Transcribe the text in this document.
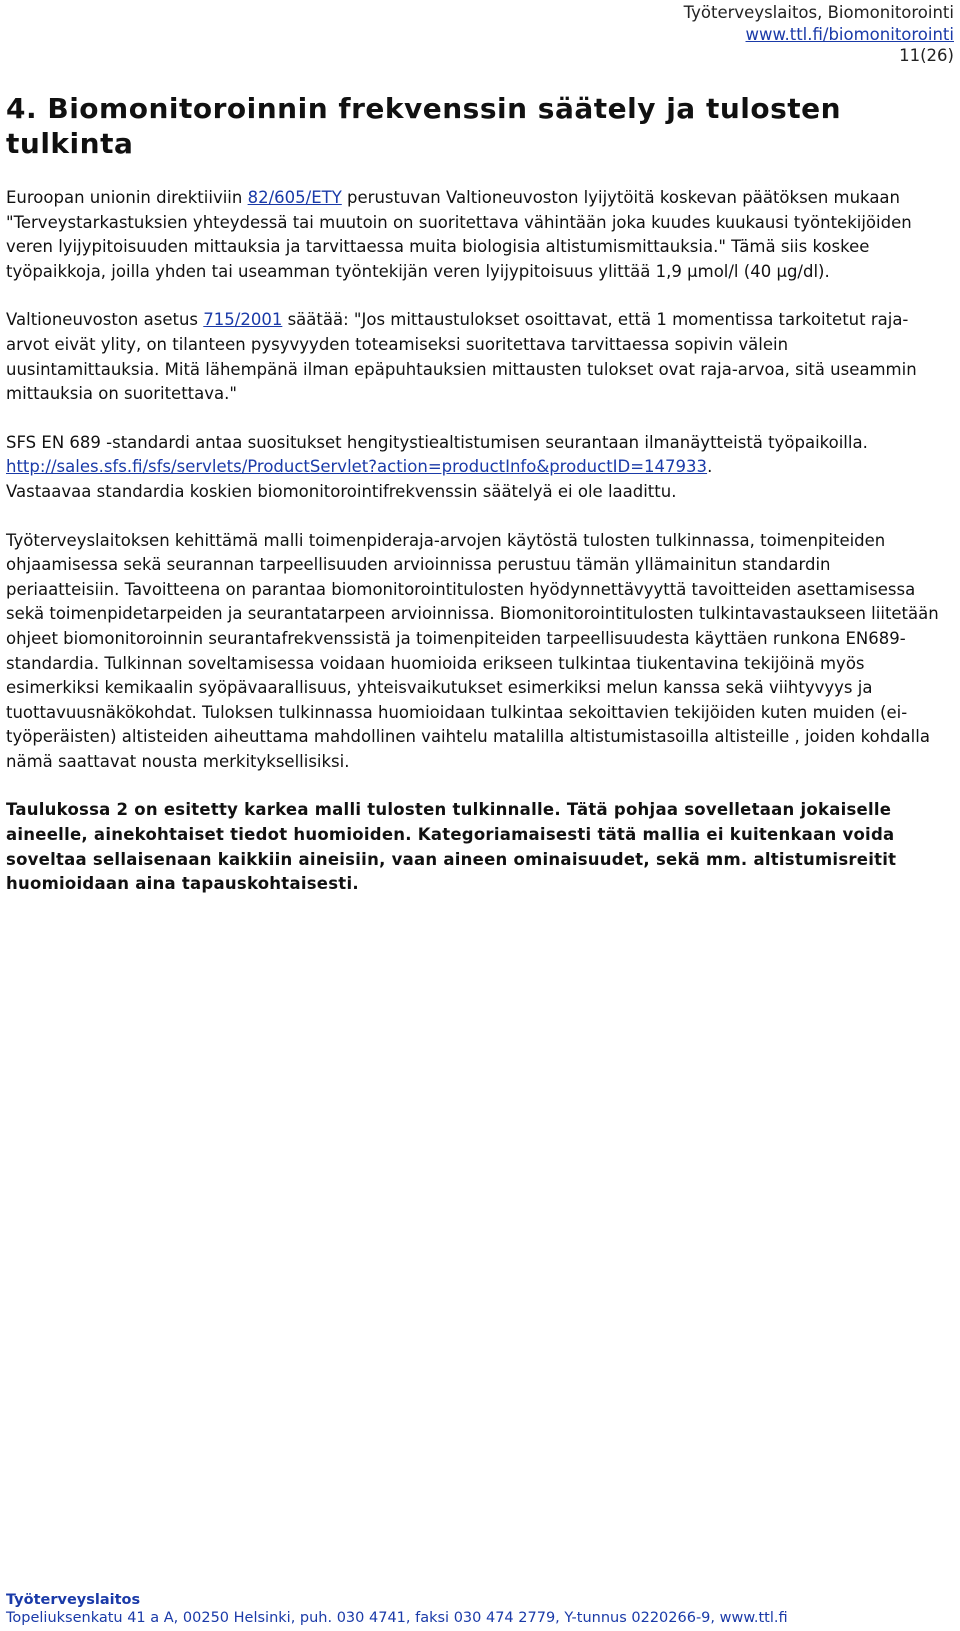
Työterveyslaitos, Biomonitorointi
www.ttl.fi/biomonitorointi
11(26)
4. Biomonitoroinnin frekvenssin säätely ja tulosten tulkinta

Euroopan unionin direktiiviin 82/605/ETY perustuvan Valtioneuvoston lyijytöitä koskevan päätöksen mukaan "Terveystarkastuksien yhteydessä tai muutoin on suoritettava vähintään joka kuudes kuukausi työntekijöiden veren lyijypitoisuuden mittauksia ja tarvittaessa muita biologisia altistumismittauksia." Tämä siis koskee työpaikkoja, joilla yhden tai useamman työntekijän veren lyijypitoisuus ylittää 1,9 µmol/l (40 µg/dl).

Valtioneuvoston asetus 715/2001 säätää: "Jos mittaustulokset osoittavat, että 1 momentissa tarkoitetut raja-arvot eivät ylity, on tilanteen pysyvyyden toteamiseksi suoritettava tarvittaessa sopivin välein uusintamittauksia. Mitä lähempänä ilman epäpuhtauksien mittausten tulokset ovat raja-arvoa, sitä useammin mittauksia on suoritettava."

SFS EN 689 -standardi antaa suositukset hengitystiealtistumisen seurantaan ilmanäytteistä työpaikoilla.
http://sales.sfs.fi/sfs/servlets/ProductServlet?action=productInfo&productID=147933.
Vastaavaa standardia koskien biomonitorointifrekvenssin säätelyä ei ole laadittu.

Työterveyslaitoksen kehittämä malli toimenpideraja-arvojen käytöstä tulosten tulkinnassa, toimenpiteiden ohjaamisessa sekä seurannan tarpeellisuuden arvioinnissa perustuu tämän yllämainitun standardin periaatteisiin. Tavoitteena on parantaa biomonitorointitulosten hyödynnettävyyttä tavoitteiden asettamisessa sekä toimenpidetarpeiden ja seurantatarpeen arvioinnissa. Biomonitorointitulosten tulkintavastaukseen liitetään ohjeet biomonitoroinnin seurantafrekvenssistä ja toimenpiteiden tarpeellisuudesta käyttäen runkona EN689-standardia. Tulkinnan soveltamisessa voidaan huomioida erikseen tulkintaa tiukentavina tekijöinä myös esimerkiksi kemikaalin syöpävaarallisuus, yhteisvaikutukset esimerkiksi melun kanssa sekä viihtyvyys ja tuottavuusnäkökohdat. Tuloksen tulkinnassa huomioidaan tulkintaa sekoittavien tekijöiden kuten muiden (ei-työperäisten) altisteiden aiheuttama mahdollinen vaihtelu matalilla altistumistasoilla altisteille , joiden kohdalla nämä saattavat nousta merkityksellisiksi.

Taulukossa 2 on esitetty karkea malli tulosten tulkinnalle. Tätä pohjaa sovelletaan jokaiselle aineelle, ainekohtaiset tiedot huomioiden. Kategoriamaisesti tätä mallia ei kuitenkaan voida soveltaa sellaisenaan kaikkiin aineisiin, vaan aineen ominaisuudet, sekä mm. altistumisreitit huomioidaan aina tapauskohtaisesti.

Työterveyslaitos
Topeliuksenkatu 41 a A, 00250 Helsinki, puh. 030 4741, faksi 030 474 2779, Y-tunnus 0220266-9, www.ttl.fi
